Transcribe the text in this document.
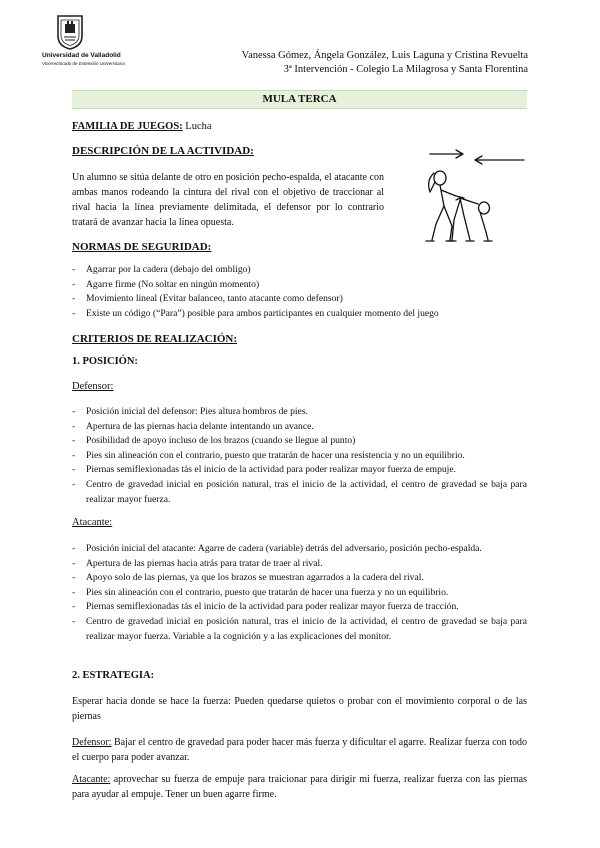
Universidad de Valladolid
Vicerrectorado de Extensión Universitaria
Vanessa Gómez, Ángela González, Luis Laguna y Cristina Revuelta
3ª Intervención - Colegio La Milagrosa y Santa Florentina
MULA TERCA
FAMILIA DE JUEGOS: Lucha
DESCRIPCIÓN DE LA ACTIVIDAD:
Un alumno se sitúa delante de otro en posición pecho-espalda, el atacante con ambas manos rodeando la cintura del rival con el objetivo de traccionar al rival hacia la línea previamente delimitada, el defensor por lo contrario tratará de avanzar hacia la línea opuesta.
NORMAS DE SEGURIDAD:
- Agarrar por la cadera (debajo del ombligo)
- Agarre firme (No soltar en ningún momento)
- Movimiento lineal (Evitar balanceo, tanto atacante como defensor)
- Existe un código (“Para”) posible para ambos participantes en cualquier momento del juego
CRITERIOS DE REALIZACIÓN:
1. POSICIÓN:
Defensor:
- Posición inicial del defensor: Pies altura hombros de pies.
- Apertura de las piernas hacia delante intentando un avance.
- Posibilidad de apoyo incluso de los brazos (cuando se llegue al punto)
- Pies sin alineación con el contrario, puesto que tratarán de hacer una resistencia y no un equilibrio.
- Piernas semiflexionadas tás el inicio de la actividad para poder realizar mayor fuerza de empuje.
- Centro de gravedad inicial en posición natural, tras el inicio de la actividad, el centro de gravedad se baja para realizar mayor fuerza.
Atacante:
- Posición inicial del atacante: Agarre de cadera (variable) detrás del adversario, posición pecho-espalda.
- Apertura de las piernas hacia atrás para tratar de traer al rival.
- Apoyo solo de las piernas, ya que los brazos se muestran agarrados a la cadera del rival.
- Pies sin alineación con el contrario, puesto que tratarán de hacer una fuerza y no un equilibrio.
- Piernas semiflexionadas tás el inicio de la actividad para poder realizar mayor fuerza de tracción.
- Centro de gravedad inicial en posición natural, tras el inicio de la actividad, el centro de gravedad se baja para realizar mayor fuerza. Variable a la cognición y a las explicaciones del monitor.
2. ESTRATEGIA:
Esperar hacia donde se hace la fuerza: Pueden quedarse quietos o probar con el movimiento corporal o de las piernas
Defensor: Bajar el centro de gravedad para poder hacer más fuerza y dificultar el agarre. Realizar fuerza con todo el cuerpo para poder avanzar.
Atacante: aprovechar su fuerza de empuje para traicionar para dirigir mi fuerza, realizar fuerza con las piernas para ayudar al empuje. Tener un buen agarre firme.
